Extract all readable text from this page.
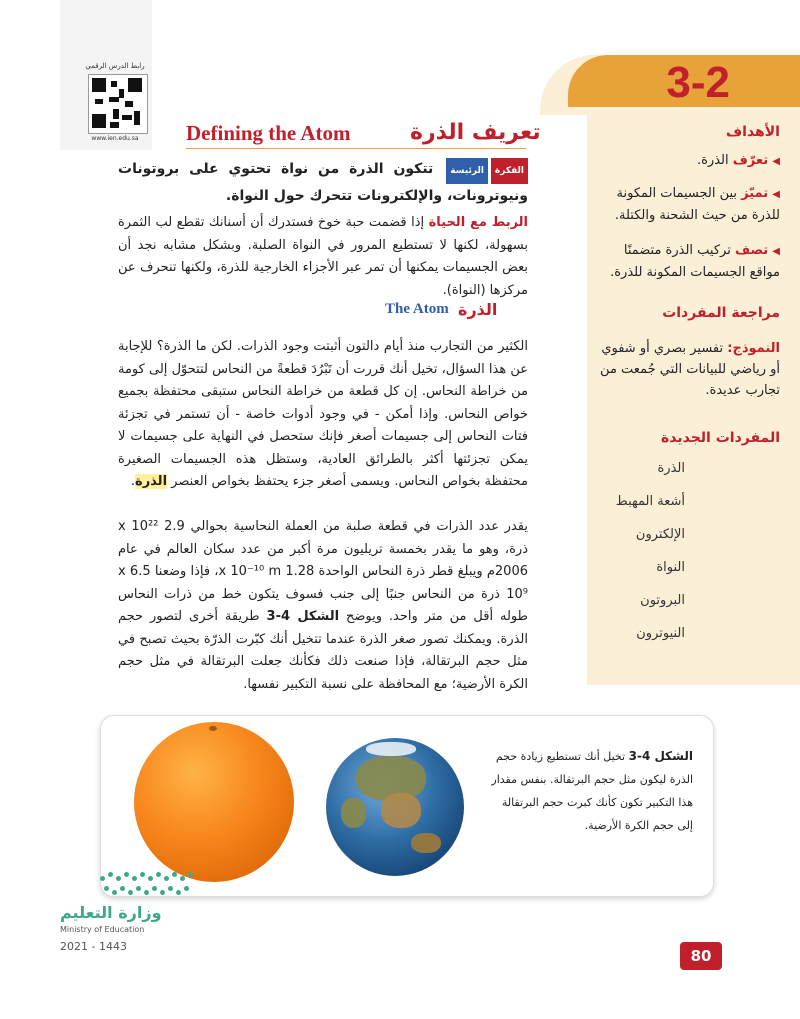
رابط الدرس الرقمي
www.ien.edu.sa
3-2
الأهداف
◀ تعرّف الذرة.
◀ تميّز بين الجسيمات المكونة للذرة من حيث الشحنة والكتلة.
◀ تصف تركيب الذرة متضمنًا مواقع الجسيمات المكونة للذرة.
مراجعة المفردات
النموذج: تفسير بصري أو شفوي أو رياضي للبيانات التي جُمعت من تجارب عديدة.
المفردات الجديدة
الذرة
أشعة المهبط
الإلكترون
النواة
البروتون
النيوترون
تعريف الذرة
Defining the Atom
الفكرةالرئيسة تتكون الذرة من نواة تحتوي على بروتونات ونيوترونات، والإلكترونات تتحرك حول النواة.
الربط مع الحياة إذا قضمت حبة خوخ فستدرك أن أسنانك تقطع لب الثمرة بسهولة، لكنها لا تستطيع المرور في النواة الصلبة. وبشكل مشابه نجد أن بعض الجسيمات يمكنها أن تمر عبر الأجزاء الخارجية للذرة، ولكنها تنحرف عن مركزها (النواة).
الذرة
The Atom
الكثير من التجارب منذ أيام دالتون أثبتت وجود الذرات. لكن ما الذرة؟ للإجابة عن هذا السؤال، تخيل أنك قررت أن تَبْرُدَ قطعةً من النحاس لتتحوّل إلى كومة من خراطة النحاس. إن كل قطعة من خراطة النحاس ستبقى محتفظة بجميع خواص النحاس. وإذا أمكن - في وجود أدوات خاصة - أن تستمر في تجزئة فتات النحاس إلى جسيمات أصغر فإنك ستحصل في النهاية على جسيمات لا يمكن تجزئتها أكثر بالطرائق العادية، وستظل هذه الجسيمات الصغيرة محتفظة بخواص النحاس. ويسمى أصغر جزء يحتفظ بخواص العنصر الذرة.
يقدر عدد الذرات في قطعة صلبة من العملة النحاسية بحوالي 2.9 x 10²² ذرة، وهو ما يقدر بخمسة تريليون مرة أكبر من عدد سكان العالم في عام 2006م ويبلغ قطر ذرة النحاس الواحدة 1.28 x 10⁻¹⁰ m، فإذا وضعنا 6.5 x 10⁹ ذرة من النحاس جنبًا إلى جنب فسوف يتكون خط من ذرات النحاس طوله أقل من متر واحد. ويوضح الشكل 4-3 طريقة أخرى لتصور حجم الذرة. ويمكنك تصور صغر الذرة عندما تتخيل أنك كبّرت الذرّة بحيث تصبح في مثل حجم البرتقالة، فإذا صنعت ذلك فكأنك جعلت البرتقالة في مثل حجم الكرة الأرضية؛ مع المحافظة على نسبة التكبير نفسها.
الشكل 4-3 تخيل أنك تستطيع زيادة حجم الذرة ليكون مثل حجم البرتقالة. بنفس مقدار هذا التكبير تكون كأنك كبرت حجم البرتقالة إلى حجم الكرة الأرضية.
وزارة التعليم
Ministry of Education
2021 - 1443
80
